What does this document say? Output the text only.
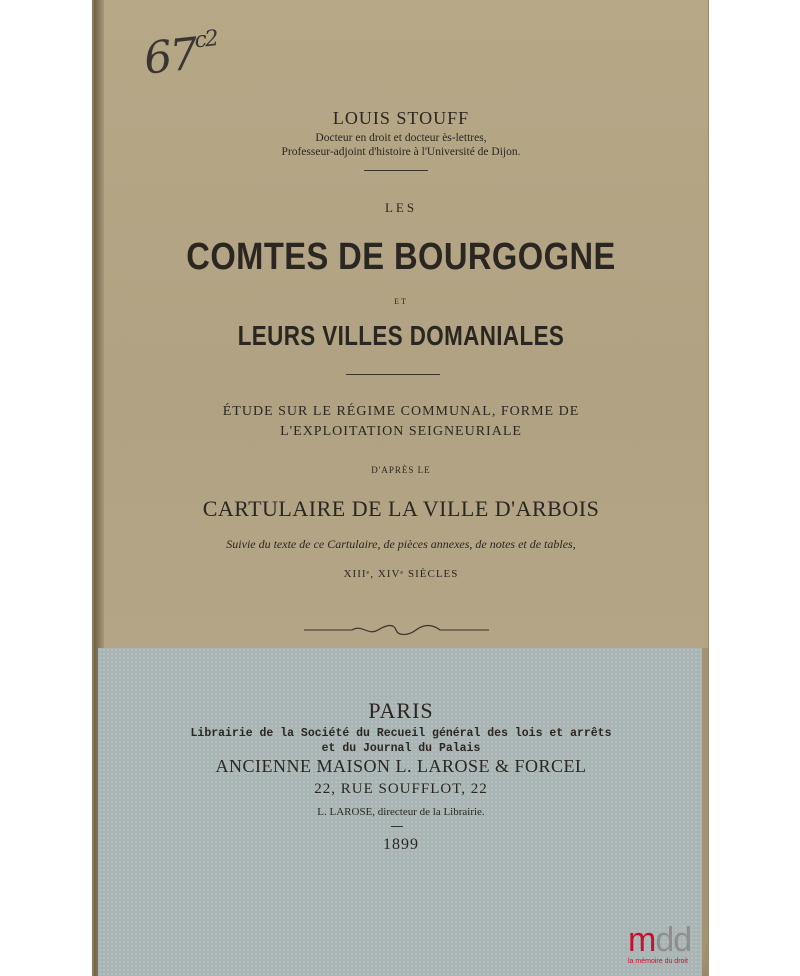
$67^{c2}$
LOUIS STOUFF
Docteur en droit et docteur ès-lettres,
Professeur-adjoint d'histoire à l'Université de Dijon.
LES
COMTES DE BOURGOGNE
ET
LEURS VILLES DOMANIALES
ÉTUDE SUR LE RÉGIME COMMUNAL, FORME DE
L'EXPLOITATION SEIGNEURIALE
D'APRÈS LE
CARTULAIRE DE LA VILLE D'ARBOIS
Suivie du texte de ce Cartulaire, de pièces annexes, de notes et de tables,
XIIIᵉ, XIVᵉ SIÈCLES
PARIS
Librairie de la Société du Recueil général des lois et arrêts
et du Journal du Palais
ANCIENNE MAISON L. LAROSE & FORCEL
22, RUE SOUFFLOT, 22
L. LAROSE, directeur de la Librairie.
1899
mdd
la mémoire du droit
